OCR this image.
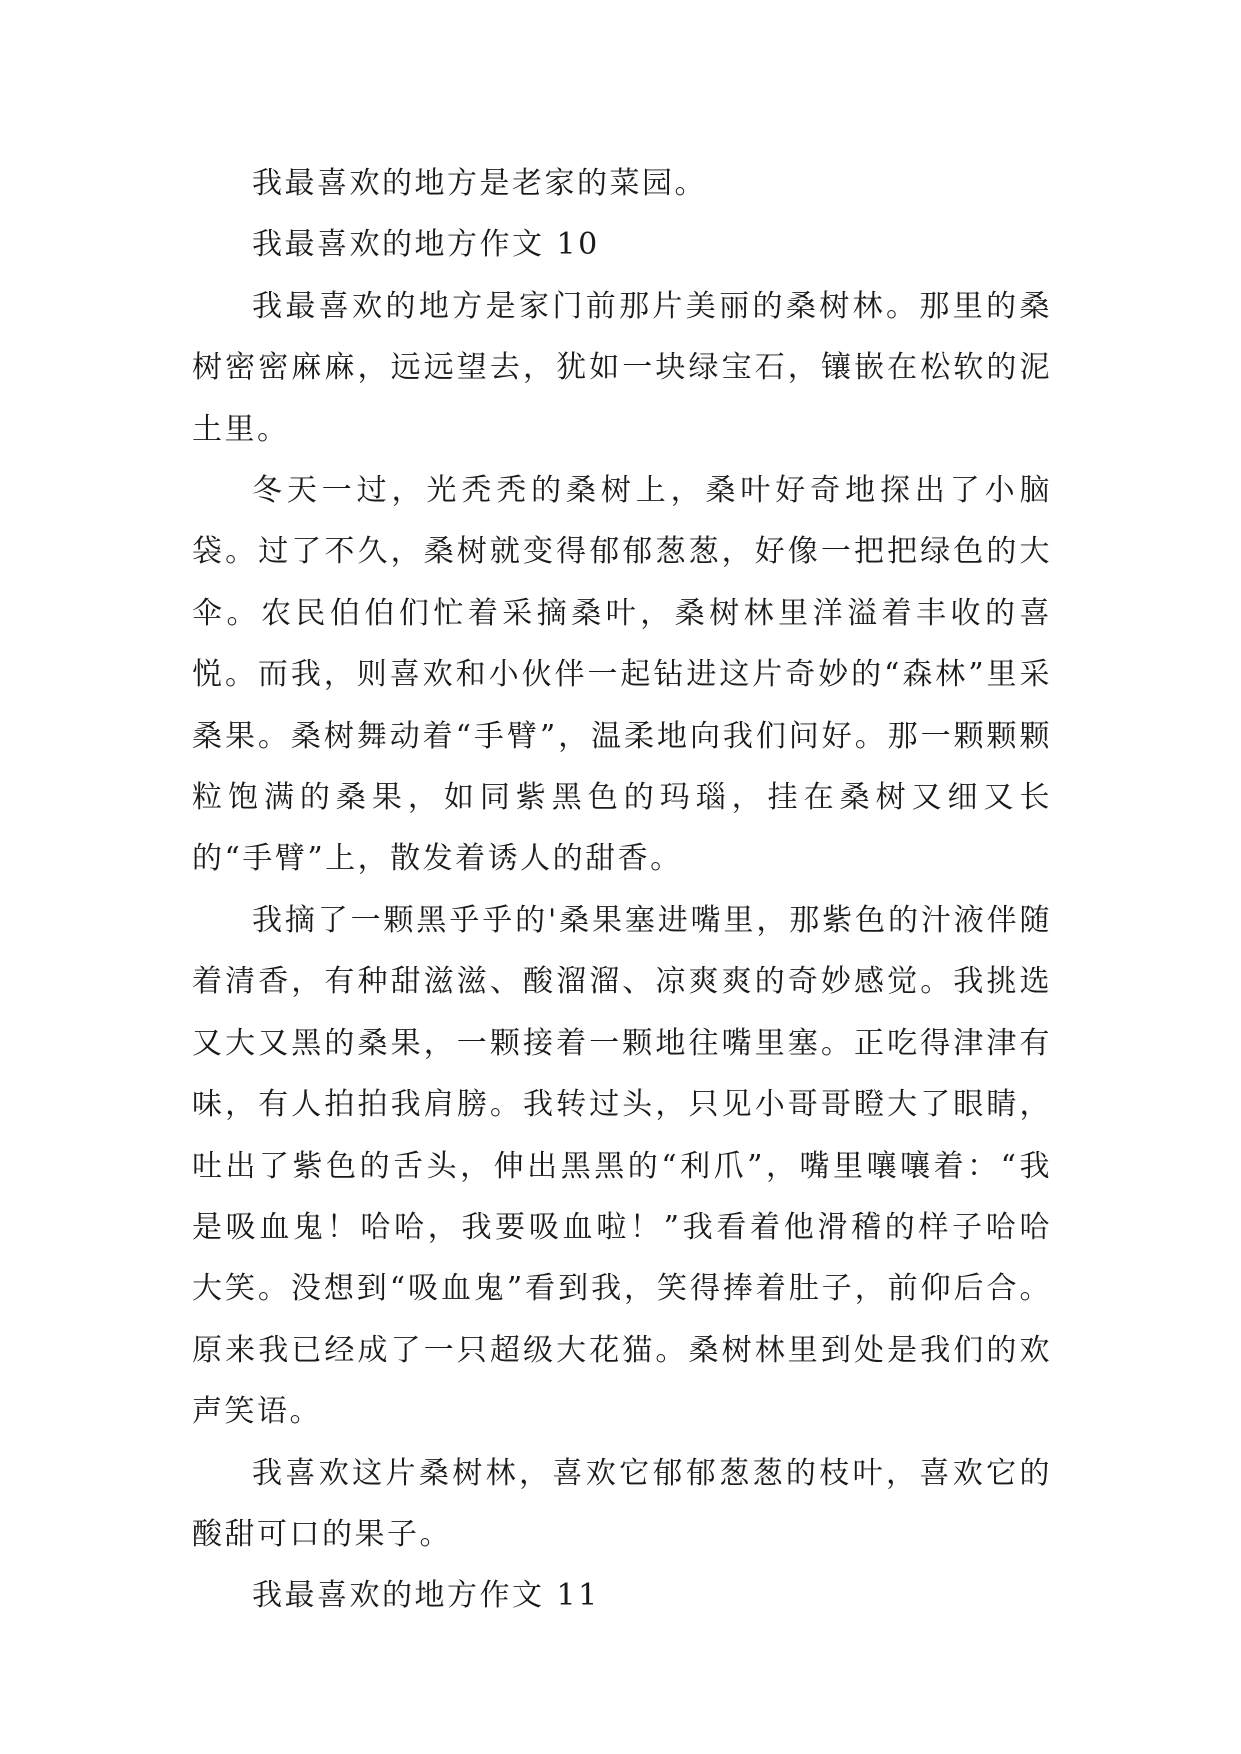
我最喜欢的地方是老家的菜园。

我最喜欢的地方作文 10

我最喜欢的地方是家门前那片美丽的桑树林。那里的桑树密密麻麻，远远望去，犹如一块绿宝石，镶嵌在松软的泥土里。

冬天一过，光秃秃的桑树上，桑叶好奇地探出了小脑袋。过了不久，桑树就变得郁郁葱葱，好像一把把绿色的大伞。农民伯伯们忙着采摘桑叶，桑树林里洋溢着丰收的喜悦。而我，则喜欢和小伙伴一起钻进这片奇妙的“森林”里采桑果。桑树舞动着“手臂”，温柔地向我们问好。那一颗颗颗粒饱满的桑果，如同紫黑色的玛瑙，挂在桑树又细又长的“手臂”上，散发着诱人的甜香。

我摘了一颗黑乎乎的'桑果塞进嘴里，那紫色的汁液伴随着清香，有种甜滋滋、酸溜溜、凉爽爽的奇妙感觉。我挑选又大又黑的桑果，一颗接着一颗地往嘴里塞。正吃得津津有味，有人拍拍我肩膀。我转过头，只见小哥哥瞪大了眼睛，吐出了紫色的舌头，伸出黑黑的“利爪”，嘴里嚷嚷着：“我是吸血鬼！哈哈，我要吸血啦！”我看着他滑稽的样子哈哈大笑。没想到“吸血鬼”看到我，笑得捧着肚子，前仰后合。原来我已经成了一只超级大花猫。桑树林里到处是我们的欢声笑语。

我喜欢这片桑树林，喜欢它郁郁葱葱的枝叶，喜欢它的酸甜可口的果子。

我最喜欢的地方作文 11
